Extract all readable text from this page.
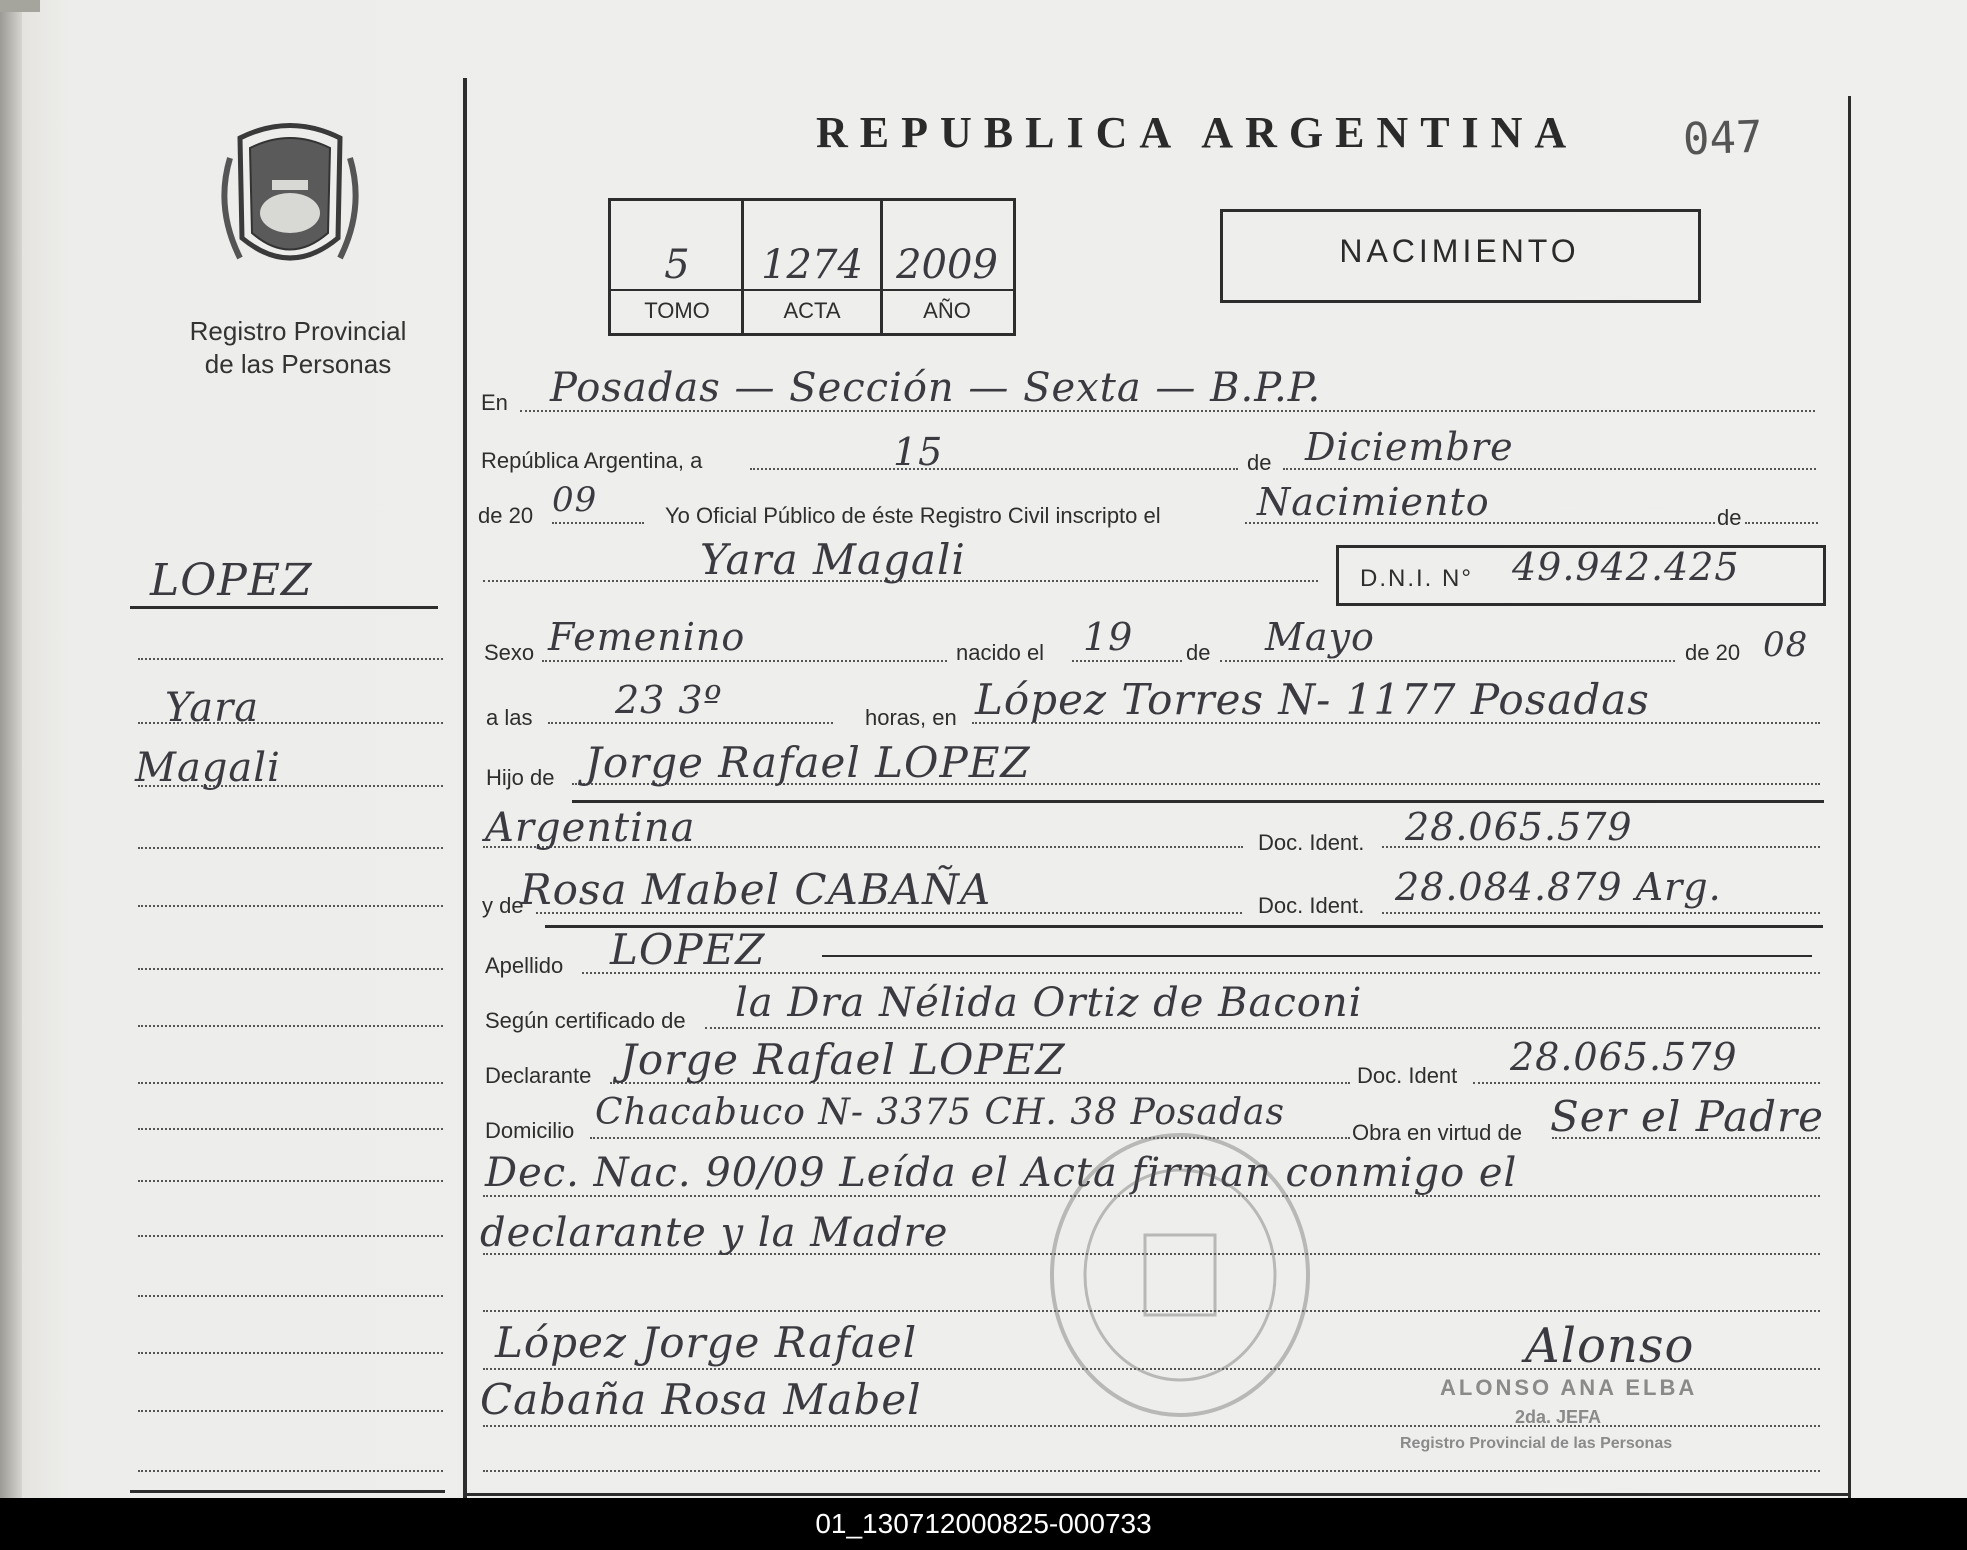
Registro Provincial
de las Personas
LOPEZ
Yara
Magali
REPUBLICA ARGENTINA 047
5	1274 2009
TOMO	ACTA	AÑO
NACIMIENTO
En Posadas — Sección — Sexta — B.P.P.
República Argentina, a	15	de Diciembre
de 20 09	Yo Oficial Público de éste Registro Civil inscripto el	Nacimiento	de
Yara Magali	D.N.I. N° 49.942.425
Sexo Femenino	nacido el 19 de Mayo	de 20 08
a las 23 3º	horas, en López Torres N- 1177 Posadas
Hijo de Jorge Rafael LOPEZ
Argentina	Doc. Ident. 28.065.579
y de
Rosa Mabel CABAÑA	Doc. Ident. 28.084.879 Arg.
Apellido LOPEZ
Según certificado de la Dra Nélida Ortiz de Baconi
Declarante Jorge Rafael LOPEZ	Doc. Ident 28.065.579
Domicilio Chacabuco N- 3375 CH. 38 Posadas	Obra en virtud de Ser el Padre
Dec. Nac. 90/09 Leída el Acta firman conmigo el
declarante y la Madre
López Jorge Rafael
Cabaña Rosa Mabel
Alonso
ALONSO ANA ELBA
2da. JEFA
Registro Provincial de las Personas
01_130712000825-000733
